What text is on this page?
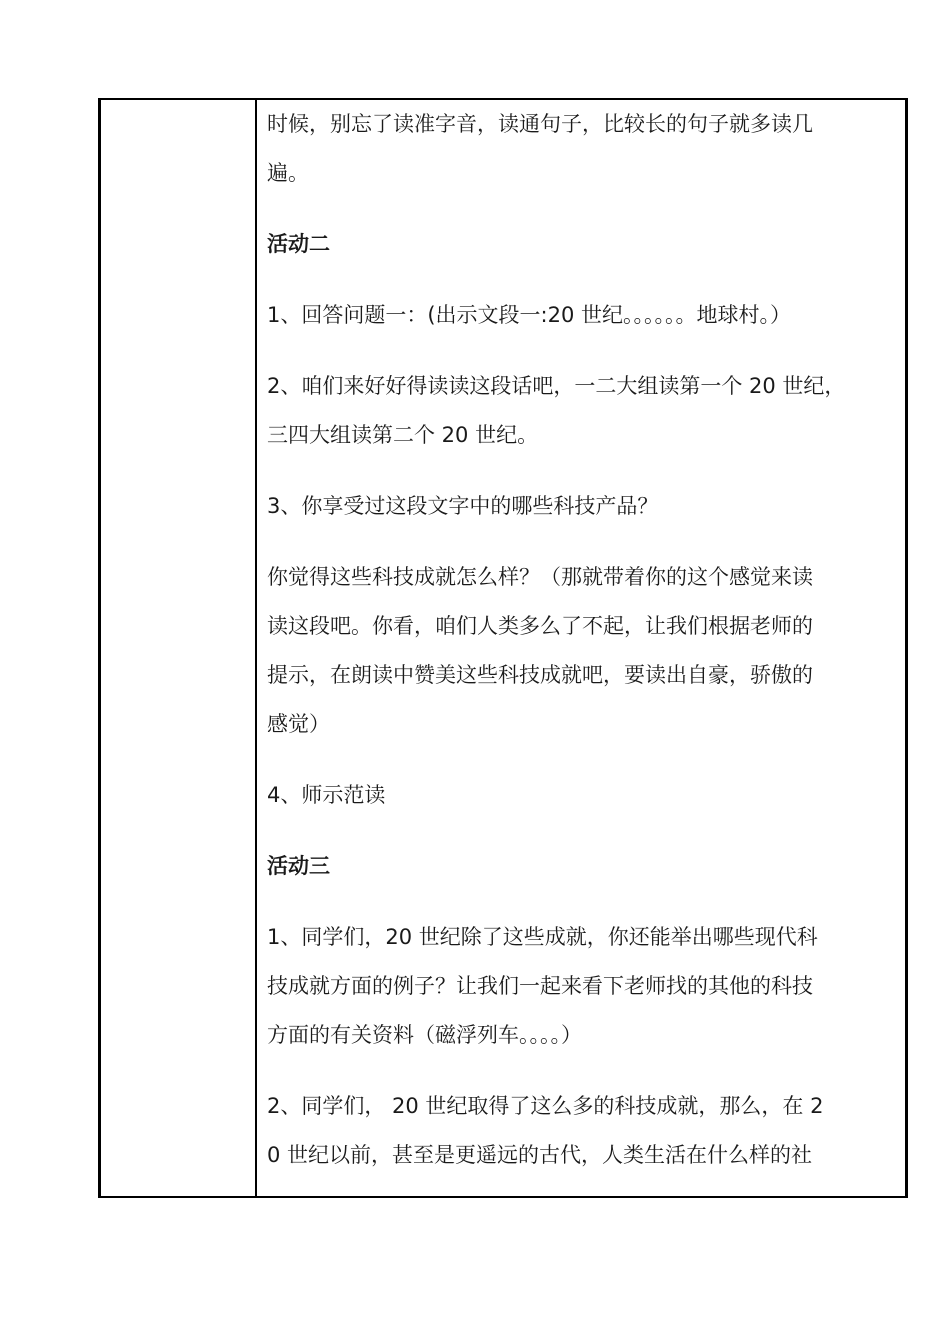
时候，别忘了读准字音，读通句子，比较长的句子就多读几

遍。

活动二

1、回答问题一：(出示文段一:20 世纪。。。。。。地球村。）

2、咱们来好好得读读这段话吧，一二大组读第一个 20 世纪，

三四大组读第二个 20 世纪。

3、你享受过这段文字中的哪些科技产品？

你觉得这些科技成就怎么样？（那就带着你的这个感觉来读

读这段吧。你看，咱们人类多么了不起，让我们根据老师的

提示，在朗读中赞美这些科技成就吧，要读出自豪，骄傲的

感觉）

4、师示范读

活动三

1、同学们，20 世纪除了这些成就，你还能举出哪些现代科

技成就方面的例子？让我们一起来看下老师找的其他的科技

方面的有关资料（磁浮列车。。。。）

2、同学们， 20 世纪取得了这么多的科技成就，那么，在 2

0 世纪以前，甚至是更遥远的古代，人类生活在什么样的社
